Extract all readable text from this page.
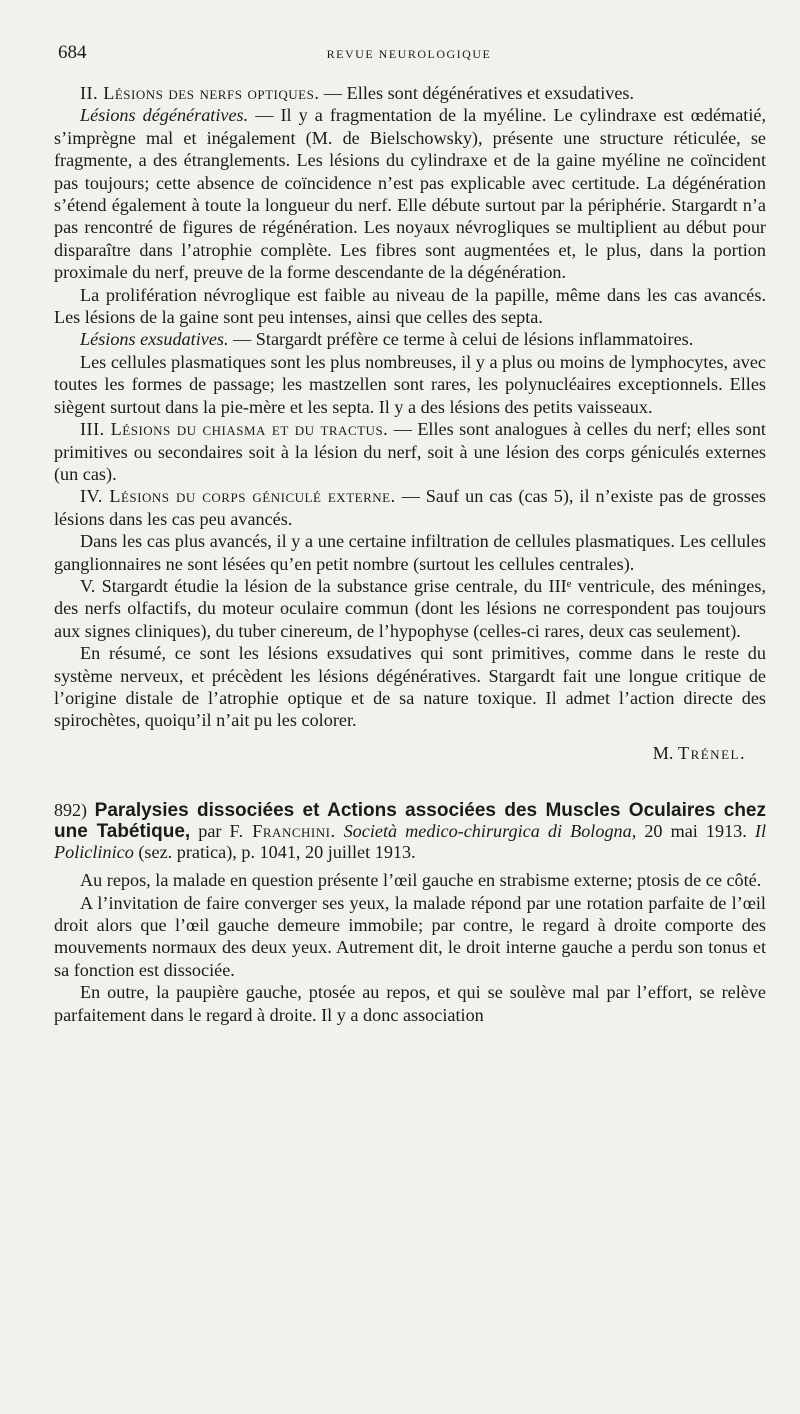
684	REVUE NEUROLOGIQUE

II. Lésions des nerfs optiques. — Elles sont dégénératives et exsudatives.

Lésions dégénératives. — Il y a fragmentation de la myéline. Le cylindraxe est œdématié, s’imprègne mal et inégalement (M. de Bielschowsky), présente une structure réticulée, se fragmente, a des étranglements. Les lésions du cylindraxe et de la gaine myéline ne coïncident pas toujours; cette absence de coïncidence n’est pas explicable avec certitude. La dégénération s’étend également à toute la longueur du nerf. Elle débute surtout par la périphérie. Stargardt n’a pas rencontré de figures de régénération. Les noyaux névrogliques se multiplient au début pour disparaître dans l’atrophie complète. Les fibres sont augmentées et, le plus, dans la portion proximale du nerf, preuve de la forme descendante de la dégénération.

La prolifération névroglique est faible au niveau de la papille, même dans les cas avancés. Les lésions de la gaine sont peu intenses, ainsi que celles des septa.

Lésions exsudatives. — Stargardt préfère ce terme à celui de lésions inflammatoires.

Les cellules plasmatiques sont les plus nombreuses, il y a plus ou moins de lymphocytes, avec toutes les formes de passage; les mastzellen sont rares, les polynucléaires exceptionnels. Elles siègent surtout dans la pie-mère et les septa. Il y a des lésions des petits vaisseaux.

III. Lésions du chiasma et du tractus. — Elles sont analogues à celles du nerf; elles sont primitives ou secondaires soit à la lésion du nerf, soit à une lésion des corps géniculés externes (un cas).

IV. Lésions du corps géniculé externe. — Sauf un cas (cas 5), il n’existe pas de grosses lésions dans les cas peu avancés.

Dans les cas plus avancés, il y a une certaine infiltration de cellules plasmatiques. Les cellules ganglionnaires ne sont lésées qu’en petit nombre (surtout les cellules centrales).

V. Stargardt étudie la lésion de la substance grise centrale, du IIIᵉ ventricule, des méninges, des nerfs olfactifs, du moteur oculaire commun (dont les lésions ne correspondent pas toujours aux signes cliniques), du tuber cinereum, de l’hypophyse (celles-ci rares, deux cas seulement).

En résumé, ce sont les lésions exsudatives qui sont primitives, comme dans le reste du système nerveux, et précèdent les lésions dégénératives. Stargardt fait une longue critique de l’origine distale de l’atrophie optique et de sa nature toxique. Il admet l’action directe des spirochètes, quoiqu’il n’ait pu les colorer.

M. Trénel.

892) Paralysies dissociées et Actions associées des Muscles Oculaires chez une Tabétique, par F. Franchini. Società medico-chirurgica di Bologna, 20 mai 1913. Il Policlinico (sez. pratica), p. 1041, 20 juillet 1913.

Au repos, la malade en question présente l’œil gauche en strabisme externe; ptosis de ce côté.

A l’invitation de faire converger ses yeux, la malade répond par une rotation parfaite de l’œil droit alors que l’œil gauche demeure immobile; par contre, le regard à droite comporte des mouvements normaux des deux yeux. Autrement dit, le droit interne gauche a perdu son tonus et sa fonction est dissociée.

En outre, la paupière gauche, ptosée au repos, et qui se soulève mal par l’effort, se relève parfaitement dans le regard à droite. Il y a donc association
